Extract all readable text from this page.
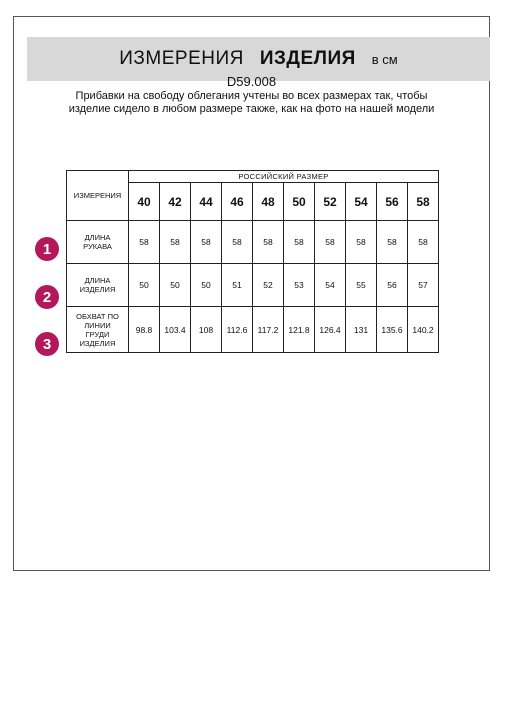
ИЗМЕРЕНИЯ ИЗДЕЛИЯ в см
D59.008
Прибавки на свободу облегания учтены во всех размерах так, чтобы изделие сидело в любом размере также, как на фото на нашей модели
1
2
3
ИЗМЕРЕНИЯ	РОССИЙСКИЙ РАЗМЕР									
	40	42	44	46	48	50	52	54	56	58
ДЛИНА
РУКАВА	58	58	58	58	58	58	58	58	58	58
ДЛИНА
ИЗДЕЛИЯ	50	50	50	51	52	53	54	55	56	57
ОБХВАТ ПО
ЛИНИИ
ГРУДИ
ИЗДЕЛИЯ	98.8	103.4	108	112.6	117.2	121.8	126.4	131	135.6	140.2
